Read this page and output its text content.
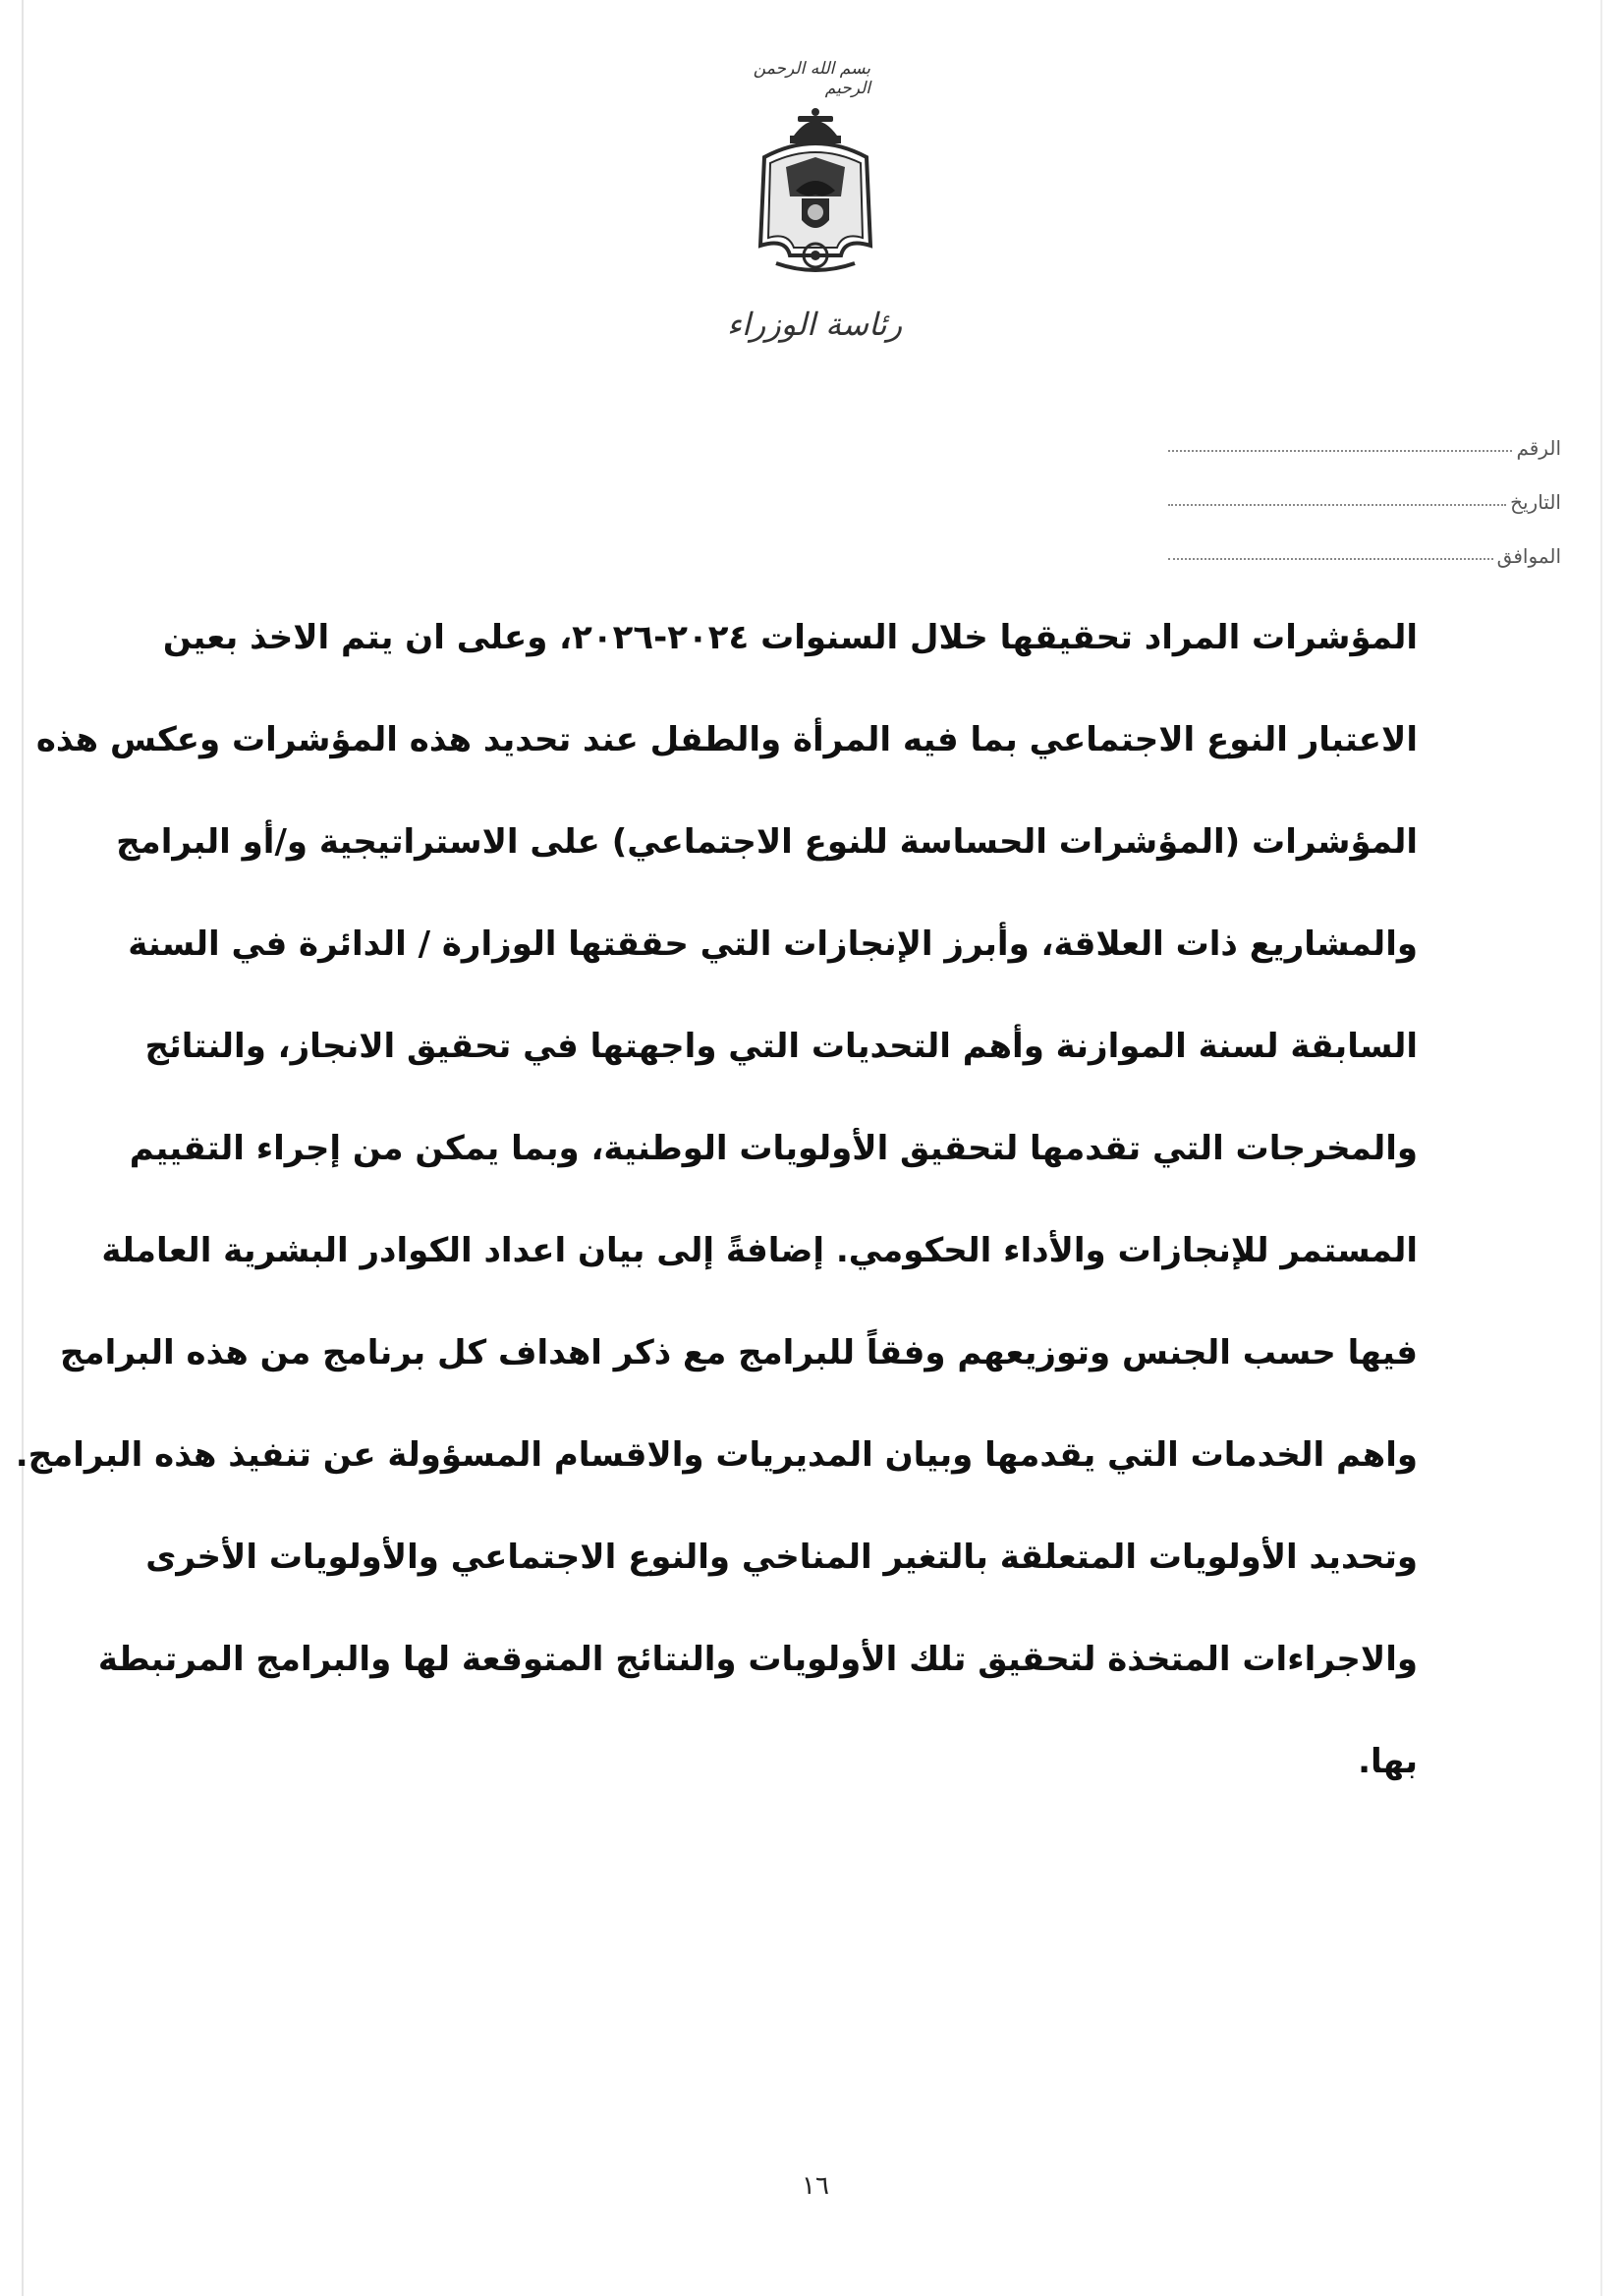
بسم الله الرحمن الرحيم
رئاسة الوزراء
الرقم
التاريخ
الموافق
المؤشرات المراد تحقيقها خلال السنوات ٢٠٢٤-٢٠٢٦، وعلى ان يتم الاخذ بعين
الاعتبار النوع الاجتماعي بما فيه المرأة والطفل عند تحديد هذه المؤشرات وعكس هذه
المؤشرات (المؤشرات الحساسة للنوع الاجتماعي) على الاستراتيجية و/أو البرامج
والمشاريع ذات العلاقة، وأبرز الإنجازات التي حققتها الوزارة / الدائرة في السنة
السابقة لسنة الموازنة وأهم التحديات التي واجهتها في تحقيق الانجاز، والنتائج
والمخرجات التي تقدمها لتحقيق الأولويات الوطنية، وبما يمكن من إجراء التقييم
المستمر للإنجازات والأداء الحكومي. إضافةً إلى بيان اعداد الكوادر البشرية العاملة
فيها حسب الجنس وتوزيعهم وفقاً للبرامج مع ذكر اهداف كل برنامج من هذه البرامج
واهم الخدمات التي يقدمها وبيان المديريات والاقسام المسؤولة عن تنفيذ هذه البرامج.
وتحديد الأولويات المتعلقة بالتغير المناخي والنوع الاجتماعي والأولويات الأخرى
والاجراءات المتخذة لتحقيق تلك الأولويات والنتائج المتوقعة لها والبرامج المرتبطة
بها.
١٦
